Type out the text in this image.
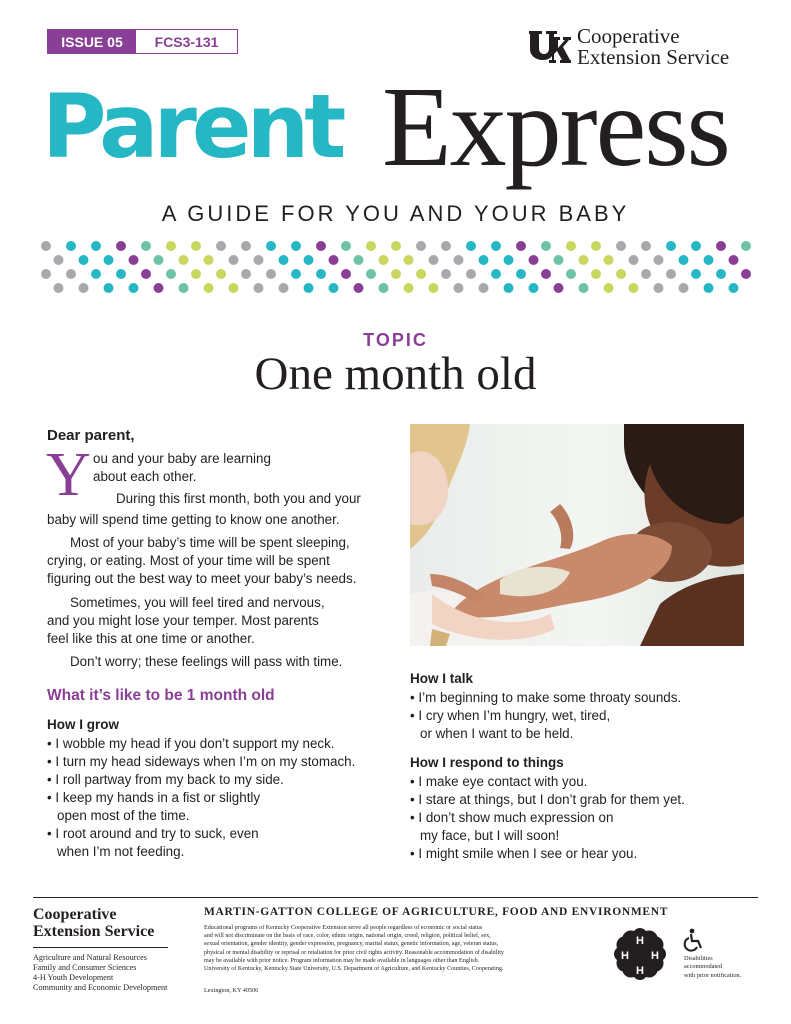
ISSUE 05	FCS3-131	Cooperative
Extension Service
Parent Express
A GUIDE FOR YOU AND YOUR BABY
TOPIC
One month old
Dear parent,
Y ou and your baby are learning
about each other.
During this first month, both you and your
baby will spend time getting to know one another.
Most of your baby’s time will be spent sleeping,
crying, or eating. Most of your time will be spent
figuring out the best way to meet your baby’s needs.
Sometimes, you will feel tired and nervous,
and you might lose your temper. Most parents
feel like this at one time or another.
Don’t worry; these feelings will pass with time.
What it’s like to be 1 month old
How I grow
• I wobble my head if you don’t support my neck.
• I turn my head sideways when I’m on my stomach.
• I roll partway from my back to my side.
• I keep my hands in a fist or slightly
open most of the time.
• I root around and try to suck, even
when I’m not feeding.
How I talk
• I’m beginning to make some throaty sounds.
• I cry when I’m hungry, wet, tired,
or when I want to be held.
How I respond to things
• I make eye contact with you.
• I stare at things, but I don’t grab for them yet.
• I don’t show much expression on
my face, but I will soon!
• I might smile when I see or hear you.
Cooperative
Extension Service
Agriculture and Natural Resources
Family and Consumer Sciences
4-H Youth Development
Community and Economic Development
MARTIN-GATTON COLLEGE OF AGRICULTURE, FOOD AND ENVIRONMENT
Educational programs of Kentucky Cooperative Extension serve all people regardless of economic or social status
and will not discriminate on the basis of race, color, ethnic origin, national origin, creed, religion, political belief, sex,
sexual orientation, gender identity, gender expression, pregnancy, marital status, genetic information, age, veteran status,
physical or mental disability or reprisal or retaliation for prior civil rights activity. Reasonable accommodation of disability
may be available with prior notice. Program information may be made available in languages other than English.
University of Kentucky, Kentucky State University, U.S. Department of Agriculture, and Kentucky Counties, Cooperating.
Lexington, KY 40506
H
H
H H	Disabilities
accommodated
with prior notification.
